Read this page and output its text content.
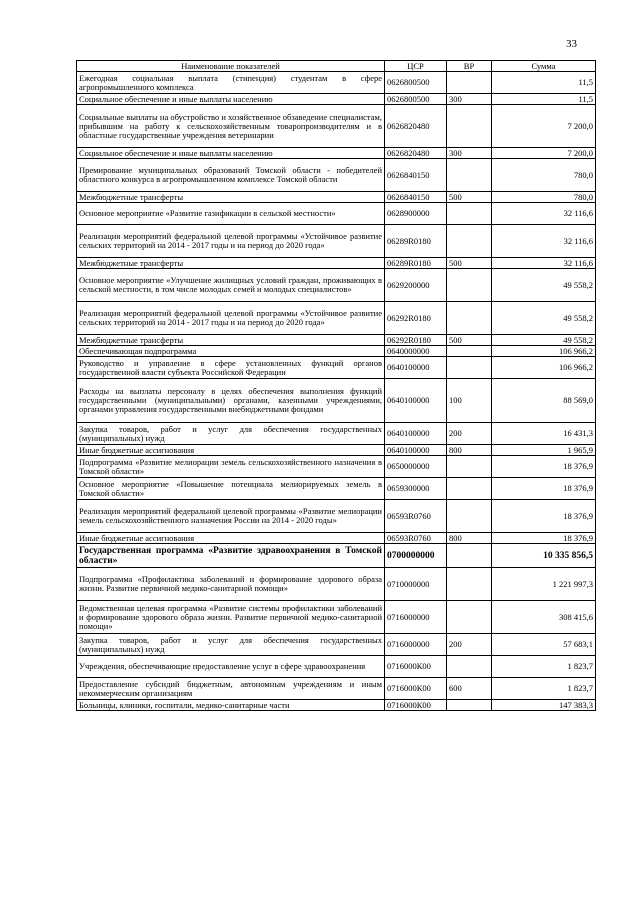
33
Наименование показателей	ЦСР	ВР	Сумма
Ежегодная социальная выплата (стипендия) студентам в сфере агропромышленного комплекса	0626800500		11,5
Социальное обеспечение и иные выплаты населению	0626800500	300	11,5
Социальные выплаты на обустройство и хозяйственное обзаведение специалистам, прибывшим на работу к сельскохозяйственным товаропроизводителям и в областные государственные учреждения ветеринарии	0626820480		7 200,0
Социальное обеспечение и иные выплаты населению	0626820480	300	7 200,0
Премирование муниципальных образований Томской области - победителей областного конкурса в агропромышленном комплексе Томской области	0626840150		780,0
Межбюджетные трансферты	0626840150	500	780,0
Основное мероприятие «Развитие газификации в сельской местности»	0628900000		32 116,6
Реализация мероприятий федеральной целевой программы «Устойчивое развитие сельских территорий на 2014 - 2017 годы и на период до 2020 года»	06289R0180		32 116,6
Межбюджетные трансферты	06289R0180	500	32 116,6
Основное мероприятие «Улучшение жилищных условий граждан, проживающих в сельской местности, в том числе молодых семей и молодых специалистов»	0629200000		49 558,2
Реализация мероприятий федеральной целевой программы «Устойчивое развитие сельских территорий на 2014 - 2017 годы и на период до 2020 года»	06292R0180		49 558,2
Межбюджетные трансферты	06292R0180	500	49 558,2
Обеспечивающая подпрограмма	0640000000		106 966,2
Руководство и управление в сфере установленных функций органов государственной власти субъекта Российской Федерации	0640100000		106 966,2
Расходы на выплаты персоналу в целях обеспечения выполнения функций государственными (муниципальными) органами, казенными учреждениями, органами управления государственными внебюджетными фондами	0640100000	100	88 569,0
Закупка товаров, работ и услуг для обеспечения государственных (муниципальных) нужд	0640100000	200	16 431,3
Иные бюджетные ассигнования	0640100000	800	1 965,9
Подпрограмма «Развитие мелиорации земель сельскохозяйственного назначения в Томской области»	0650000000		18 376,9
Основное мероприятие «Повышение потенциала мелиорируемых земель в Томской области»	0659300000		18 376,9
Реализация мероприятий федеральной целевой программы «Развитие мелиорации земель сельскохозяйственного назначения России на 2014 - 2020 годы»	06593R0760		18 376,9
Иные бюджетные ассигнования	06593R0760	800	18 376,9
Государственная программа «Развитие здравоохранения в Томской области»	0700000000		10 335 856,5
Подпрограмма «Профилактика заболеваний и формирование здорового образа жизни. Развитие первичной медико-санитарной помощи»	0710000000		1 221 997,3
Ведомственная целевая программа «Развитие системы профилактики заболеваний и формирование здорового образа жизни. Развитие первичной медико-санитарной помощи»	0716000000		308 415,6
Закупка товаров, работ и услуг для обеспечения государственных (муниципальных) нужд	0716000000	200	57 683,1
Учреждения, обеспечивающие предоставление услуг в сфере здравоохранения	0716000К00		1 823,7
Предоставление субсидий бюджетным, автономным учреждениям и иным некоммерческим организациям	0716000К00	600	1 823,7
Больницы, клиники, госпитали, медико-санитарные части	0716000К00		147 383,3
